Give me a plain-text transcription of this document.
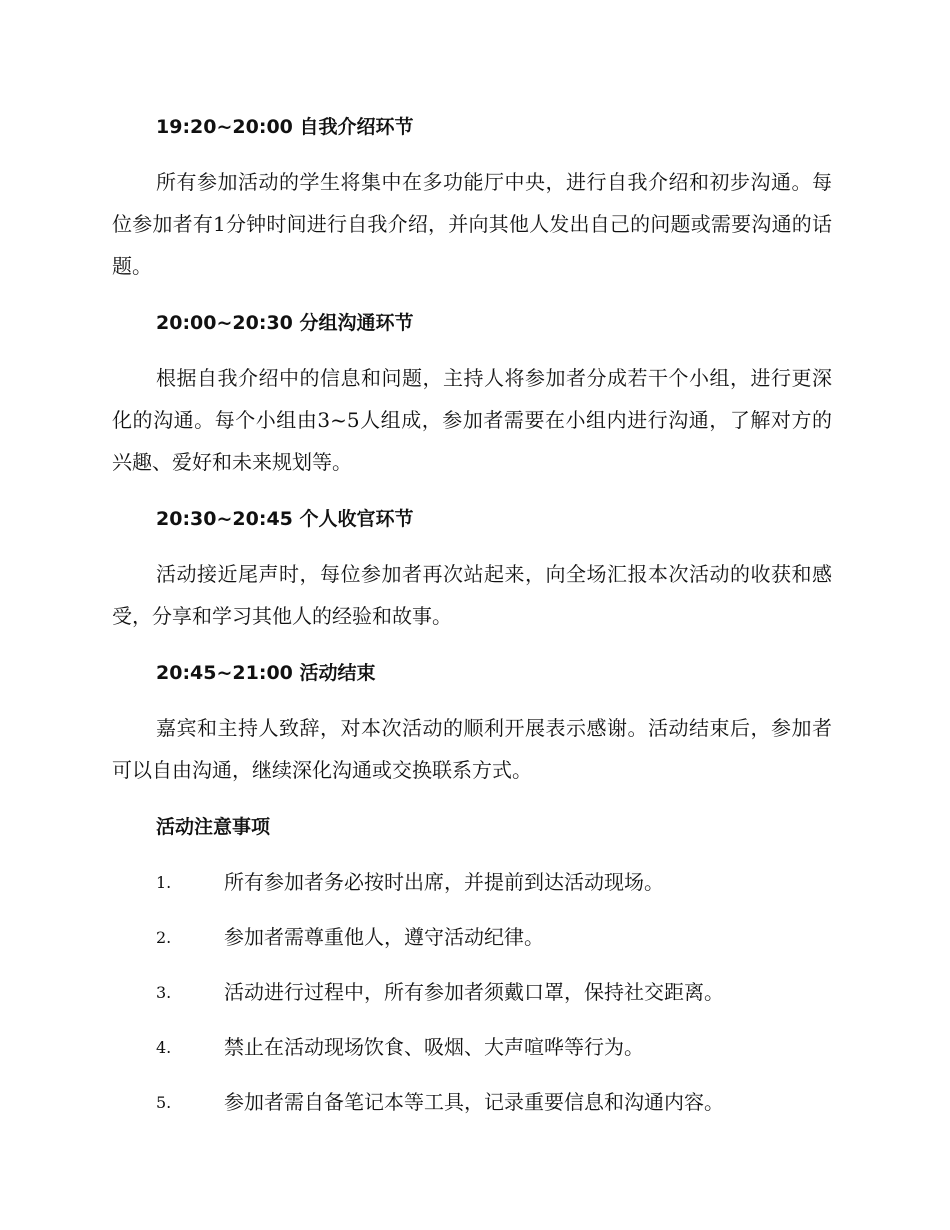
19:20~20:00 自我介绍环节

所有参加活动的学生将集中在多功能厅中央，进行自我介绍和初步沟通。每位参加者有1分钟时间进行自我介绍，并向其他人发出自己的问题或需要沟通的话题。

20:00~20:30 分组沟通环节

根据自我介绍中的信息和问题，主持人将参加者分成若干个小组，进行更深化的沟通。每个小组由3~5人组成，参加者需要在小组内进行沟通，了解对方的兴趣、爱好和未来规划等。

20:30~20:45 个人收官环节

活动接近尾声时，每位参加者再次站起来，向全场汇报本次活动的收获和感受，分享和学习其他人的经验和故事。

20:45~21:00 活动结束

嘉宾和主持人致辞，对本次活动的顺利开展表示感谢。活动结束后，参加者可以自由沟通，继续深化沟通或交换联系方式。

活动注意事项

1.	所有参加者务必按时出席，并提前到达活动现场。
2.	参加者需尊重他人，遵守活动纪律。
3.	活动进行过程中，所有参加者须戴口罩，保持社交距离。
4.	禁止在活动现场饮食、吸烟、大声喧哗等行为。
5.	参加者需自备笔记本等工具，记录重要信息和沟通内容。
